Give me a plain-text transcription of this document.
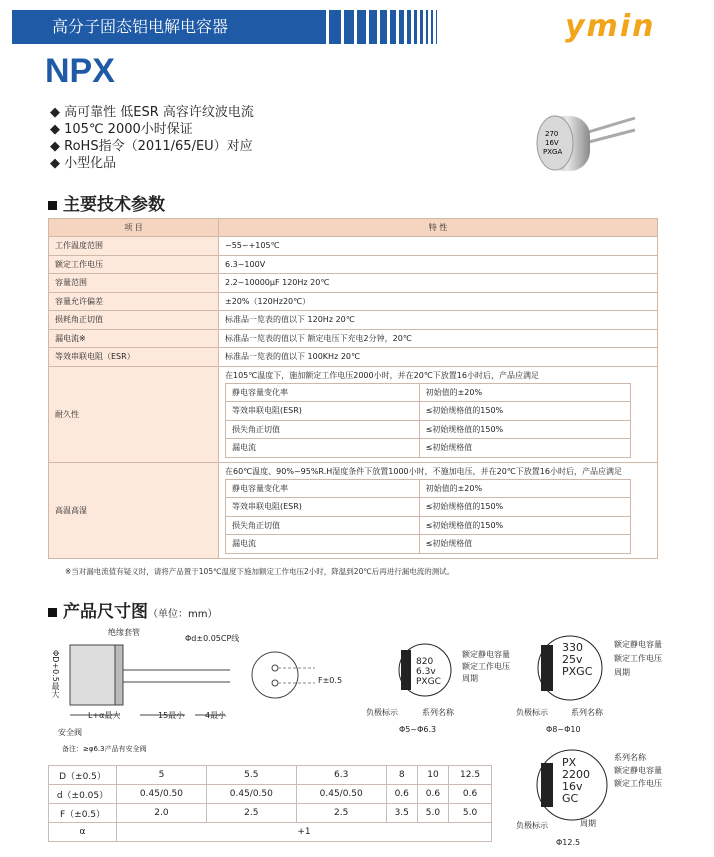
高分子固态铝电解电容器	ymin
NPX
◆ 高可靠性 低ESR 高容许纹波电流
◆ 105℃ 2000小时保证
◆ RoHS指令（2011/65/EU）对应
◆ 小型化品
270
16V
PXGA
主要技术参数
项 目	特 性
工作温度范围	−55~+105℃
额定工作电压	6.3~100V
容量范围	2.2~10000μF 120Hz 20℃
容量允许偏差	±20%（120Hz20℃）
损耗角正切值	标准品一览表的值以下 120Hz 20℃
漏电流※	标准品一览表的值以下 额定电压下充电2分钟，20℃
等效串联电阻（ESR）	标准品一览表的值以下 100KHz 20℃
耐久性	
在105℃温度下，施加额定工作电压2000小时，并在20℃下放置16小时后，产品应满足
静电容量变化率	初始值的±20%
等效串联电阻(ESR)	≤初始规格值的150%
损失角正切值	≤初始规格值的150%
漏电流	≤初始规格值

高温高湿	
在60℃温度、90%~95%R.H湿度条件下放置1000小时，不施加电压，并在20℃下放置16小时后，产品应满足
静电容量变化率	初始值的±20%
等效串联电阻(ESR)	≤初始规格值的150%
损失角正切值	≤初始规格值的150%
漏电流	≤初始规格值
※当对漏电流值有疑义时，请将产品置于105℃温度下施加额定工作电压2小时，降温到20℃后再进行漏电流的测试。
产品尺寸图（单位：mm）
绝缘套管
Φd±0.05CP线
ΦD+0.5最大	F±0.5
L+α最大	15最小	4最小
安全阀
备注：≥φ6.3产品有安全阀
820
6.3v
PXGC
额定静电容量
额定工作电压
周期
负极标示	系列名称
Φ5~Φ6.3
330
25v
PXGC
额定静电容量
额定工作电压
周期
负极标示	系列名称
Φ8~Φ10
PX
2200
16v
GC
系列名称
额定静电容量
额定工作电压
负极标示	周期
Φ12.5
D（±0.5）	5	5.5	6.3	8	10	12.5
d（±0.05）	0.45/0.50	0.45/0.50	0.45/0.50	0.6	0.6	0.6
F（±0.5）	2.0	2.5	2.5	3.5	5.0	5.0
α	+1					
